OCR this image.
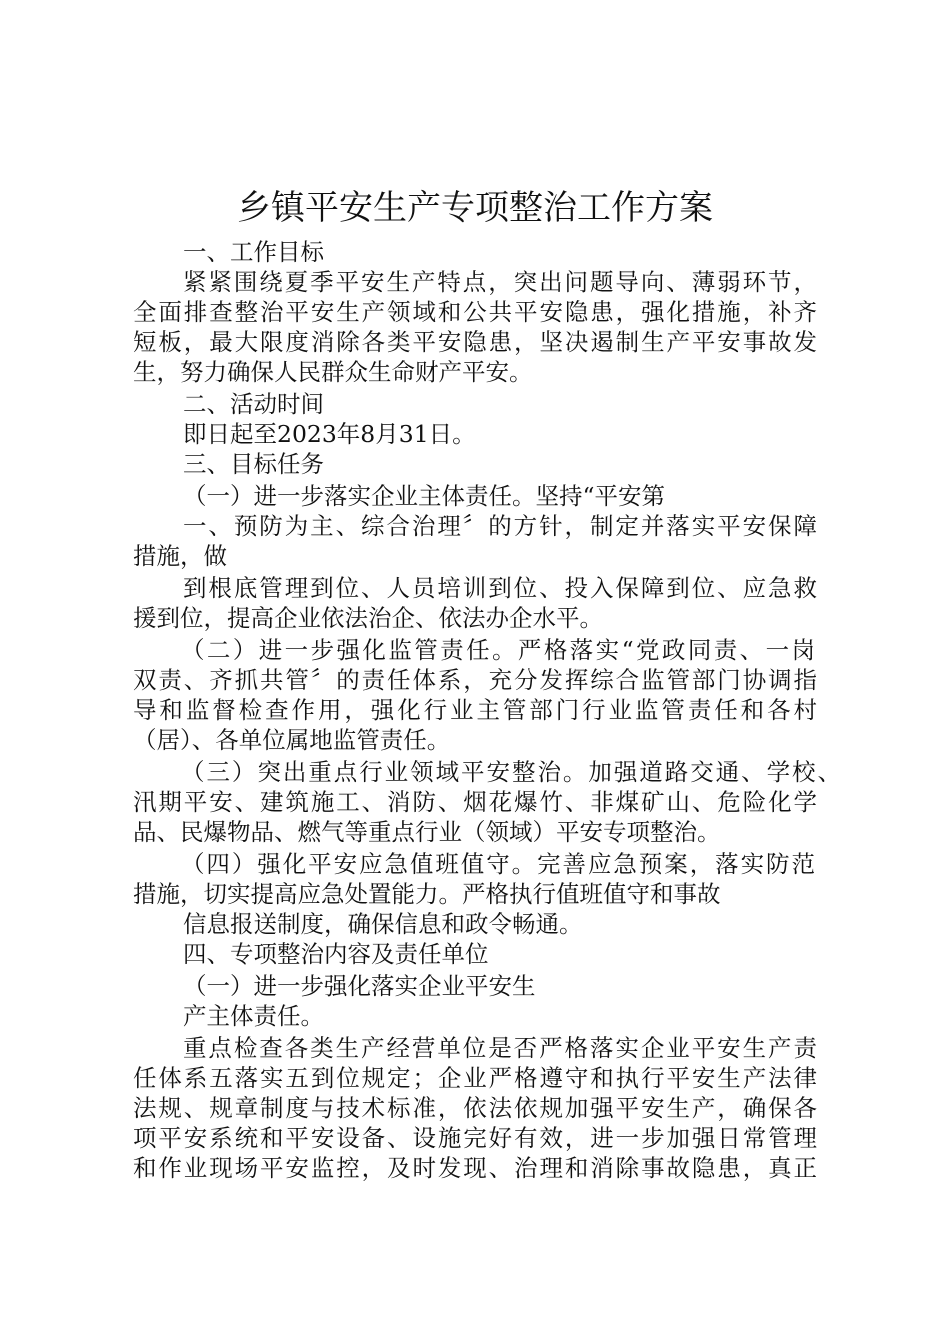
乡镇平安生产专项整治工作方案
一、工作目标
紧紧围绕夏季平安生产特点，突出问题导向、薄弱环节，
全面排查整治平安生产领域和公共平安隐患，强化措施，补齐
短板，最大限度消除各类平安隐患，坚决遏制生产平安事故发
生，努力确保人民群众生命财产平安。
二、活动时间
即日起至2023年8月31日。
三、目标任务
（一）进一步落实企业主体责任。坚持“平安第
一、预防为主、综合治理〞的方针，制定并落实平安保障
措施，做
到根底管理到位、人员培训到位、投入保障到位、应急救
援到位，提高企业依法治企、依法办企水平。
（二）进一步强化监管责任。严格落实“党政同责、一岗
双责、齐抓共管〞的责任体系，充分发挥综合监管部门协调指
导和监督检查作用，强化行业主管部门行业监管责任和各村
（居）、各单位属地监管责任。
（三）突出重点行业领域平安整治。加强道路交通、学校、
汛期平安、建筑施工、消防、烟花爆竹、非煤矿山、危险化学
品、民爆物品、燃气等重点行业（领域）平安专项整治。
（四）强化平安应急值班值守。完善应急预案，落实防范
措施，切实提高应急处置能力。严格执行值班值守和事故
信息报送制度，确保信息和政令畅通。
四、专项整治内容及责任单位
（一）进一步强化落实企业平安生
产主体责任。
重点检查各类生产经营单位是否严格落实企业平安生产责
任体系五落实五到位规定；企业严格遵守和执行平安生产法律
法规、规章制度与技术标准，依法依规加强平安生产，确保各
项平安系统和平安设备、设施完好有效，进一步加强日常管理
和作业现场平安监控，及时发现、治理和消除事故隐患，真正
